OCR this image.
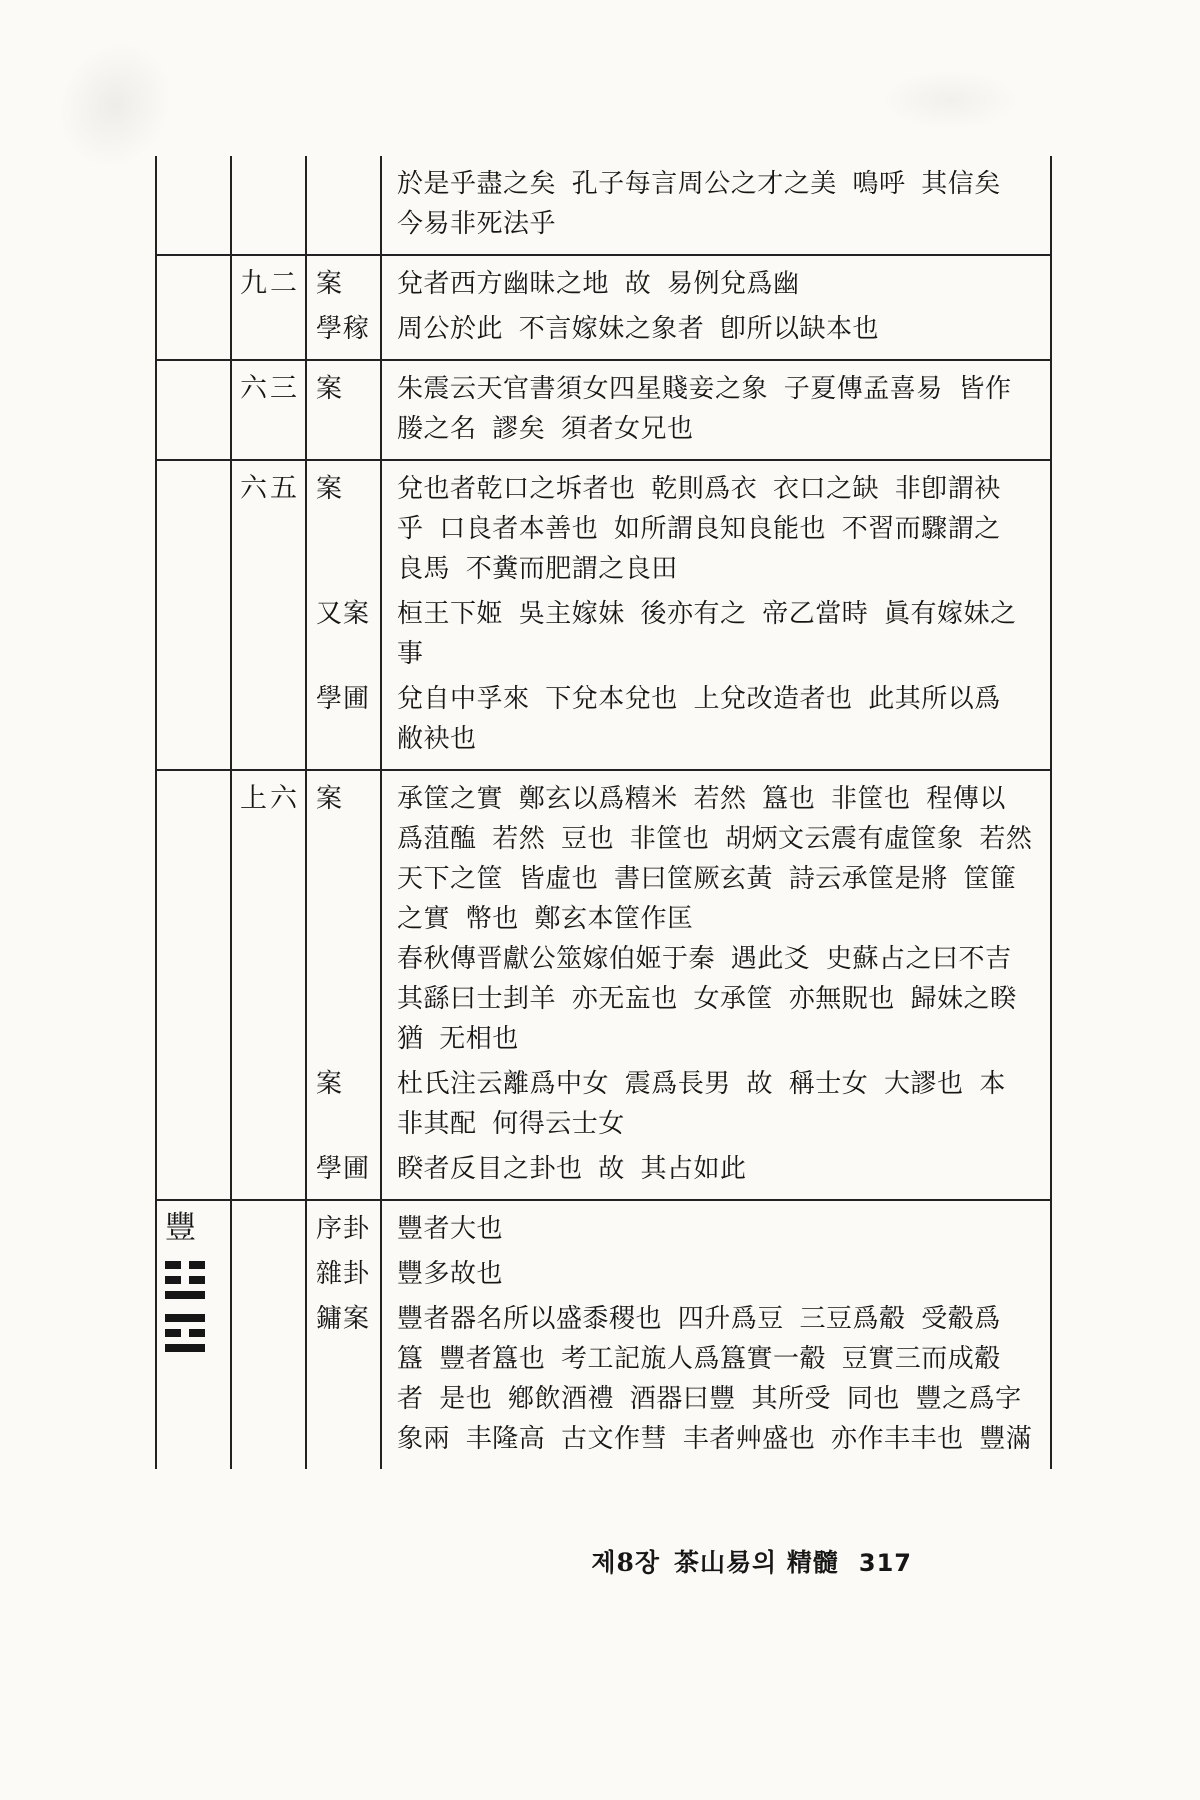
於是乎盡之矣 孔子每言周公之才之美 鳴呼 其信矣
今易非死法乎
九二 案	兌者西方幽昧之地 故 易例兌爲幽
學稼	周公於此 不言嫁妹之象者 卽所以缺本也
六三 案	朱震云天官書須女四星賤妾之象 子夏傳孟喜易 皆作
媵之名 謬矣 須者女兄也
六五 案	兌也者乾口之坼者也 乾則爲衣 衣口之缺 非卽謂袂
乎 口良者本善也 如所謂良知良能也 不習而驟謂之
良馬 不糞而肥謂之良田
又案	桓王下姬 吳主嫁妹 後亦有之 帝乙當時 眞有嫁妹之
事
學圃	兌自中孚來 下兌本兌也 上兌改造者也 此其所以爲
敝袂也
上六 案	承筐之實 鄭玄以爲糦米 若然 簋也 非筐也 程傳以
爲菹醢 若然 豆也 非筐也 胡炳文云震有虛筐象 若然
天下之筐 皆虛也 書曰筐厥玄黃 詩云承筐是將 筐篚
之實 幣也 鄭玄本筐作匡
春秋傳晋獻公筮嫁伯姬于秦 遇此爻 史蘇占之曰不吉
其繇曰士刲羊 亦无衁也 女承筐 亦無貺也 歸妹之睽
猶 无相也
案	杜氏注云離爲中女 震爲長男 故 稱士女 大謬也 本
非其配 何得云士女
學圃	睽者反目之卦也 故 其占如此
豐	序卦	豐者大也
雜卦	豐多故也
鏞案	豐者器名所以盛黍稷也 四升爲豆 三豆爲觳 受觳爲
簋 豐者簋也 考工記旊人爲簋實一觳 豆實三而成觳
者 是也 鄕飲酒禮 酒器曰豐 其所受 同也 豐之爲字
象兩 丰隆高 古文作彗 丰者艸盛也 亦作丰丰也 豐滿
제8장 茶山易의 精髓 317
